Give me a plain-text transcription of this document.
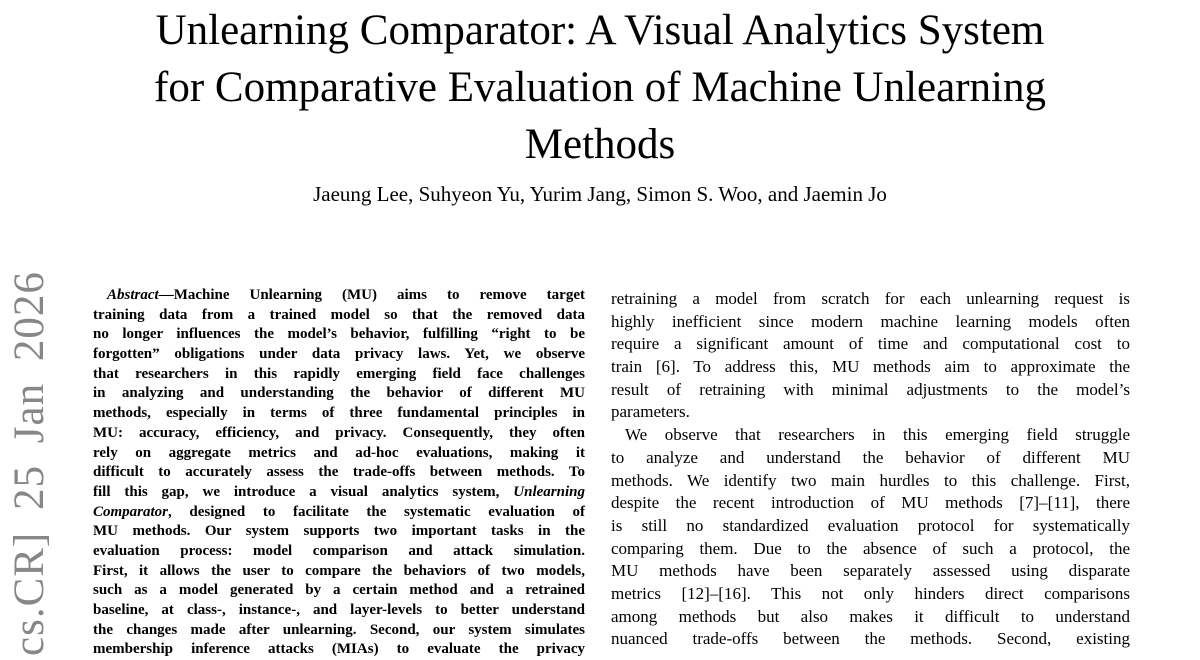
cs.CR] 25 Jan 2026
Unlearning Comparator: A Visual Analytics System
for Comparative Evaluation of Machine Unlearning
Methods
Jaeung Lee, Suhyeon Yu, Yurim Jang, Simon S. Woo, and Jaemin Jo
Abstract—Machine Unlearning (MU) aims to remove target
training data from a trained model so that the removed data
no longer influences the model’s behavior, fulfilling “right to be
forgotten” obligations under data privacy laws. Yet, we observe
that researchers in this rapidly emerging field face challenges
in analyzing and understanding the behavior of different MU
methods, especially in terms of three fundamental principles in
MU: accuracy, efficiency, and privacy. Consequently, they often
rely on aggregate metrics and ad-hoc evaluations, making it
difficult to accurately assess the trade-offs between methods. To
fill this gap, we introduce a visual analytics system, Unlearning
Comparator, designed to facilitate the systematic evaluation of
MU methods. Our system supports two important tasks in the
evaluation process: model comparison and attack simulation.
First, it allows the user to compare the behaviors of two models,
such as a model generated by a certain method and a retrained
baseline, at class-, instance-, and layer-levels to better understand
the changes made after unlearning. Second, our system simulates
membership inference attacks (MIAs) to evaluate the privacy
retraining a model from scratch for each unlearning request is
highly inefficient since modern machine learning models often
require a significant amount of time and computational cost to
train [6]. To address this, MU methods aim to approximate the
result of retraining with minimal adjustments to the model’s
parameters.
We observe that researchers in this emerging field struggle
to analyze and understand the behavior of different MU
methods. We identify two main hurdles to this challenge. First,
despite the recent introduction of MU methods [7]–[11], there
is still no standardized evaluation protocol for systematically
comparing them. Due to the absence of such a protocol, the
MU methods have been separately assessed using disparate
metrics [12]–[16]. This not only hinders direct comparisons
among methods but also makes it difficult to understand
nuanced trade-offs between the methods. Second, existing
